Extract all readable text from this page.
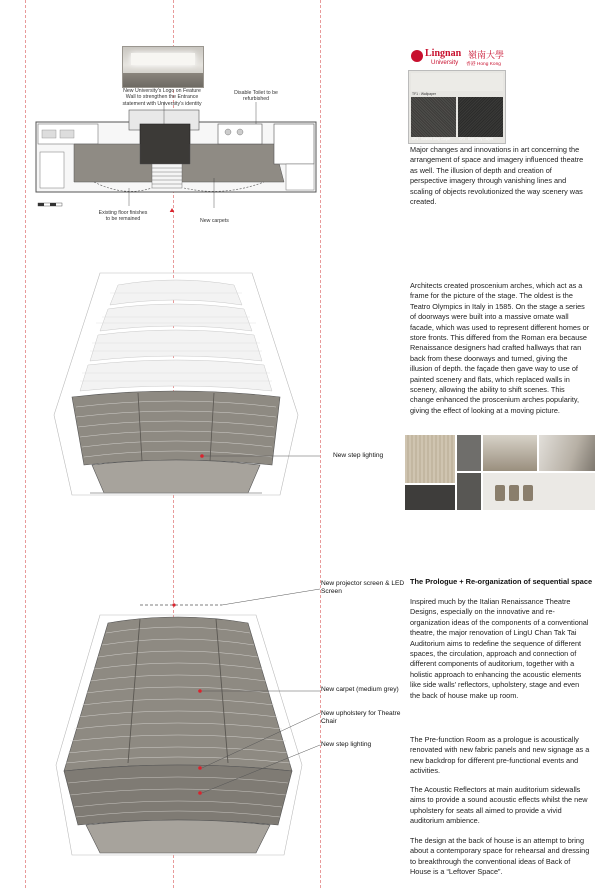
New University's Logo on Feature Wall to strengthen the Entrance statement with University's identity
Disable Toilet to be refurbished
Existing floor finishes to be remained	New carpets
Lingnan 嶺南大學
University 香港 Hong Kong
TF1 : Wallpaper
CP1 : Sanford Grey Carpet	CP2 : Dark Grey Carpet
Major changes and innovations in art concerning the arrangement of space and imagery influenced theatre as well. The illusion of depth and creation of perspective imagery through vanishing lines and scaling of objects revolutionized the way scenery was created.
New step lighting
Architects created proscenium arches, which act as a frame for the picture of the stage. The oldest is the Teatro Olympics in Italy in 1585. On the stage a series of doorways were built into a massive ornate wall facade, which was used to represent different homes or store fronts. This differed from the Roman era because Renaissance designers had crafted hallways that ran back from these doorways and turned, giving the illusion of depth. the façade then gave way to use of painted scenery and flats, which replaced walls in scenery, allowing the ability to shift scenes. This change enhanced the proscenium arches popularity, giving the effect of looking at a moving picture.
New projector screen & LED Screen
New carpet (medium grey)
New upholstery for Theatre Chair
New step lighting
The Prologue + Re-organization of sequential space
Inspired much by the Italian Renaissance Theatre Designs, especially on the innovative and re-organization ideas of the components of a conventional theatre, the major renovation of LingU Chan Tak Tai Auditorium aims to redefine the sequence of different spaces, the circulation, approach and connection of different components of auditorium, together with a holistic approach to enhancing the acoustic elements like side walls' reflectors, upholstery, stage and even the back of house make up room.
The Pre-function Room as a prologue is acoustically renovated with new fabric panels and new signage as a new backdrop for different pre-functional events and activities.
The Acoustic Reflectors at main auditorium sidewalls aims to provide a sound acoustic effects whilst the new upholstery for seats all aimed to provide a vivid auditorium ambience.
The design at the back of house is an attempt to bring about a contemporary space for rehearsal and dressing to breakthrough the conventional ideas of Back of House is a “Leftover Space”.
